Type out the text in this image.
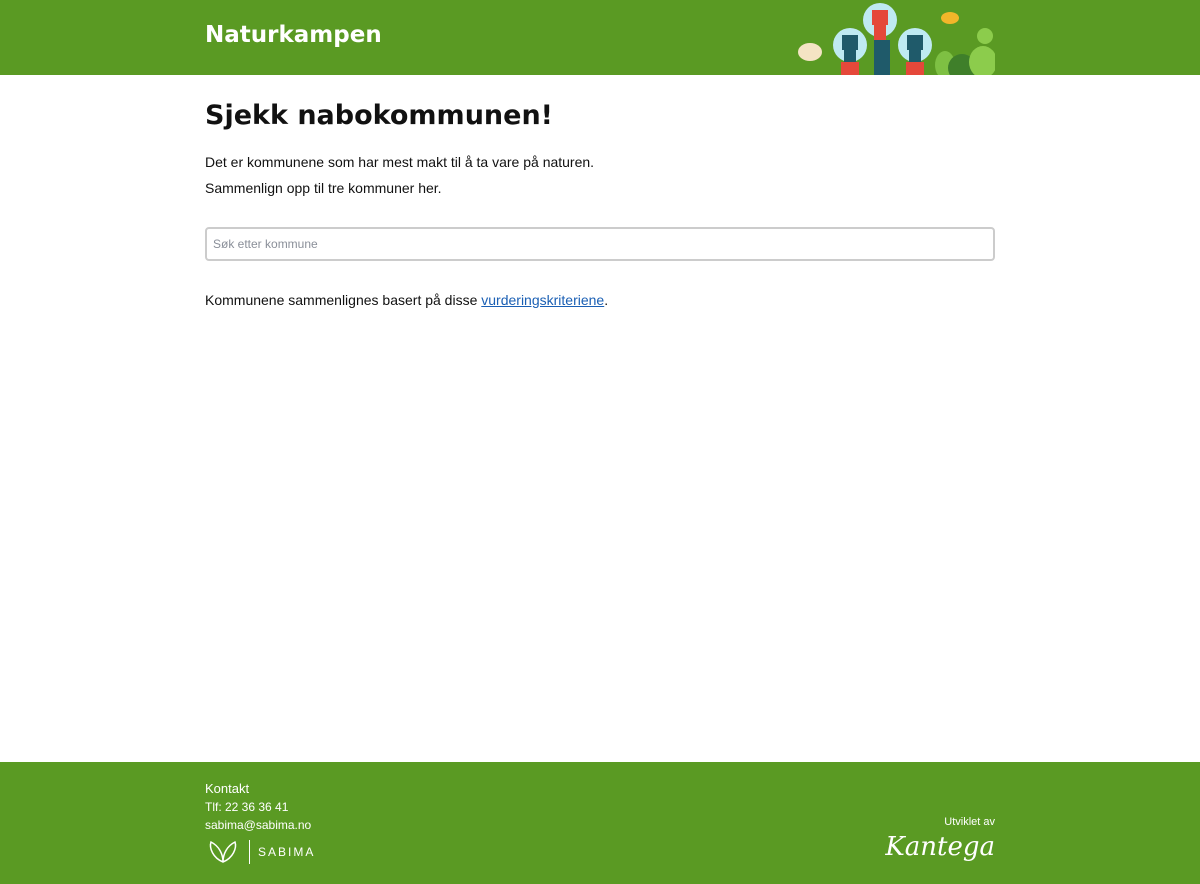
Naturkampen
Sjekk nabokommunen!

Det er kommunene som har mest makt til å ta vare på naturen.

Sammenlign opp til tre kommuner her.

Søk etter kommune

Kommunene sammenlignes basert på disse vurderingskriteriene.

Kontakt
Tlf: 22 36 36 41
sabima@sabima.no
SABIMA
Utviklet av
Kantega
